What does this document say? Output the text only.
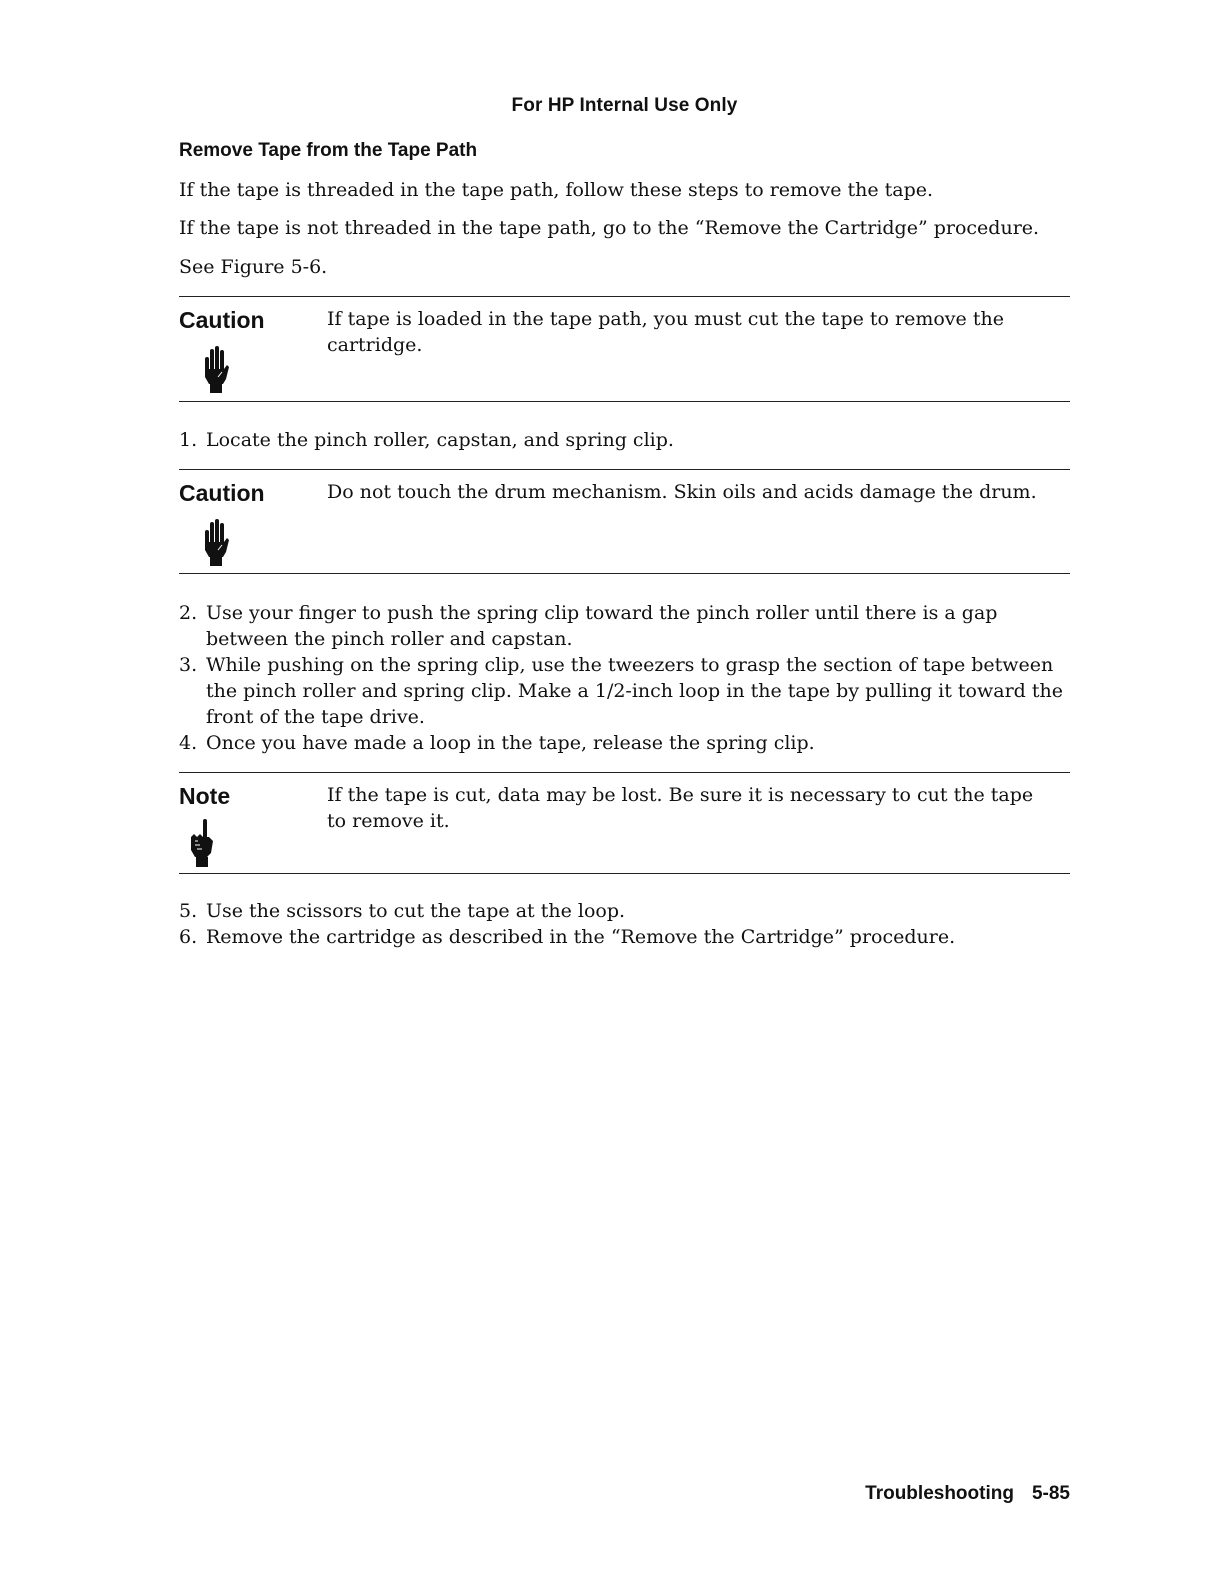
For HP Internal Use Only
Remove Tape from the Tape Path
If the tape is threaded in the tape path, follow these steps to remove the tape.
If the tape is not threaded in the tape path, go to the “Remove the Cartridge” procedure.
See Figure 5-6.
Caution	If tape is loaded in the tape path, you must cut the tape to remove the cartridge.
1. Locate the pinch roller, capstan, and spring clip.
Caution	Do not touch the drum mechanism. Skin oils and acids damage the drum.
2. Use your finger to push the spring clip toward the pinch roller until there is a gap between the pinch roller and capstan.
3. While pushing on the spring clip, use the tweezers to grasp the section of tape between the pinch roller and spring clip. Make a 1/2-inch loop in the tape by pulling it toward the front of the tape drive.
4. Once you have made a loop in the tape, release the spring clip.
Note	If the tape is cut, data may be lost. Be sure it is necessary to cut the tape to remove it.
5. Use the scissors to cut the tape at the loop.
6. Remove the cartridge as described in the “Remove the Cartridge” procedure.
Troubleshooting 5-85
